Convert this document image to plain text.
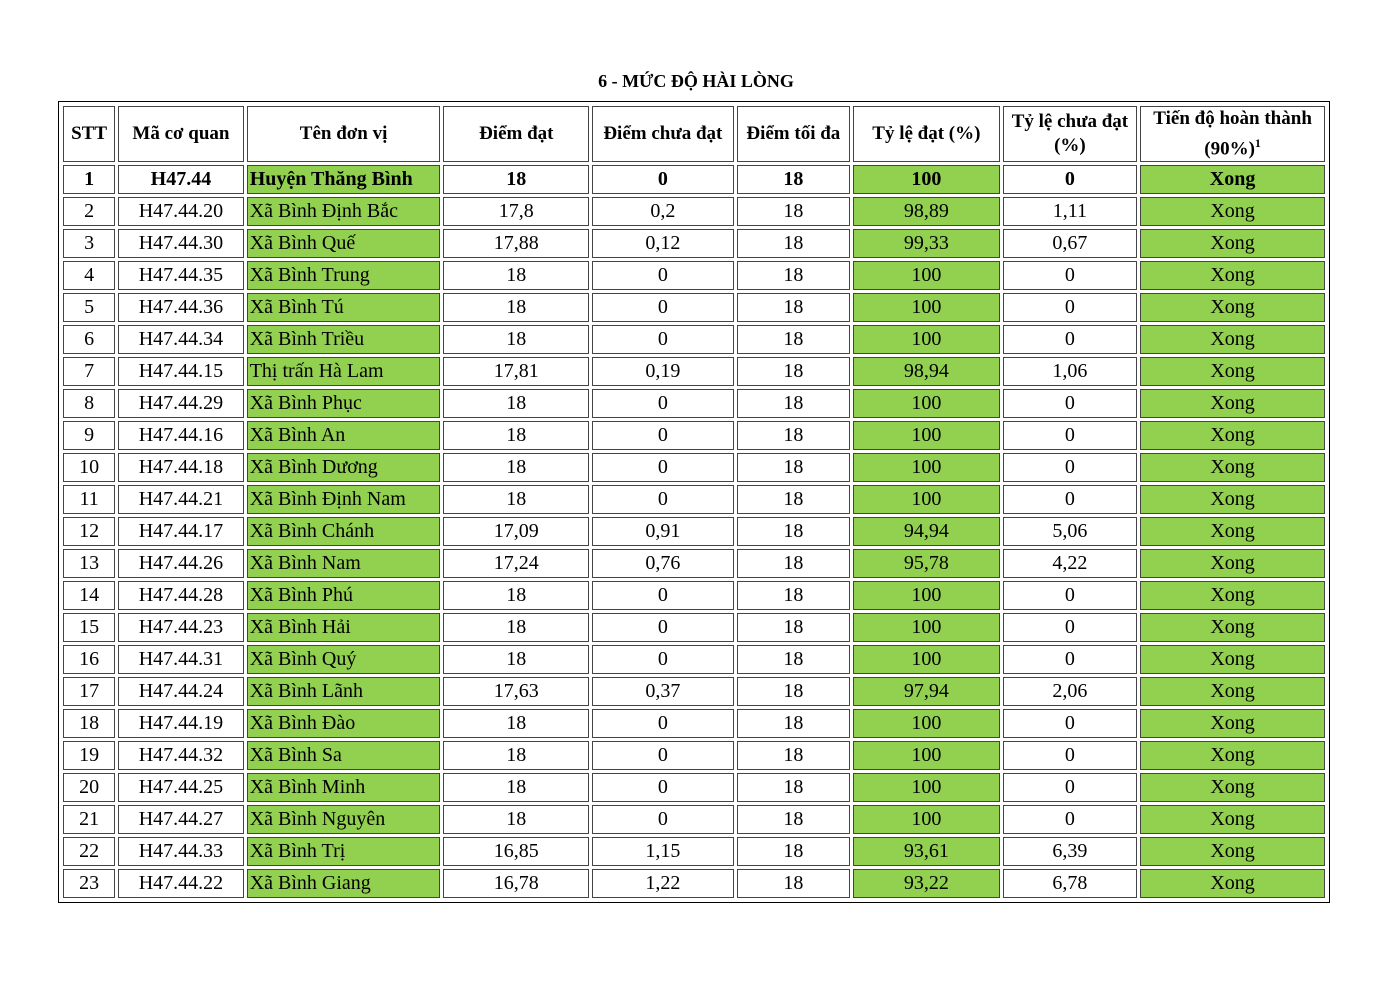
6 - MỨC ĐỘ HÀI LÒNG
STT	Mã cơ quan	Tên đơn vị	Điểm đạt	Điểm chưa đạt	Điểm tối đa	Tỷ lệ đạt (%)	Tỷ lệ chưa đạt (%)	Tiến độ hoàn thành $(90\%)^1$
1	H47.44	Huyện Thăng Bình	18	0	18	100	0	Xong
2	H47.44.20	Xã Bình Định Bắc	17,8	0,2	18	98,89	1,11	Xong
3	H47.44.30	Xã Bình Quế	17,88	0,12	18	99,33	0,67	Xong
4	H47.44.35	Xã Bình Trung	18	0	18	100	0	Xong
5	H47.44.36	Xã Bình Tú	18	0	18	100	0	Xong
6	H47.44.34	Xã Bình Triều	18	0	18	100	0	Xong
7	H47.44.15	Thị trấn Hà Lam	17,81	0,19	18	98,94	1,06	Xong
8	H47.44.29	Xã Bình Phục	18	0	18	100	0	Xong
9	H47.44.16	Xã Bình An	18	0	18	100	0	Xong
10	H47.44.18	Xã Bình Dương	18	0	18	100	0	Xong
11	H47.44.21	Xã Bình Định Nam	18	0	18	100	0	Xong
12	H47.44.17	Xã Bình Chánh	17,09	0,91	18	94,94	5,06	Xong
13	H47.44.26	Xã Bình Nam	17,24	0,76	18	95,78	4,22	Xong
14	H47.44.28	Xã Bình Phú	18	0	18	100	0	Xong
15	H47.44.23	Xã Bình Hải	18	0	18	100	0	Xong
16	H47.44.31	Xã Bình Quý	18	0	18	100	0	Xong
17	H47.44.24	Xã Bình Lãnh	17,63	0,37	18	97,94	2,06	Xong
18	H47.44.19	Xã Bình Đào	18	0	18	100	0	Xong
19	H47.44.32	Xã Bình Sa	18	0	18	100	0	Xong
20	H47.44.25	Xã Bình Minh	18	0	18	100	0	Xong
21	H47.44.27	Xã Bình Nguyên	18	0	18	100	0	Xong
22	H47.44.33	Xã Bình Trị	16,85	1,15	18	93,61	6,39	Xong
23	H47.44.22	Xã Bình Giang	16,78	1,22	18	93,22	6,78	Xong
